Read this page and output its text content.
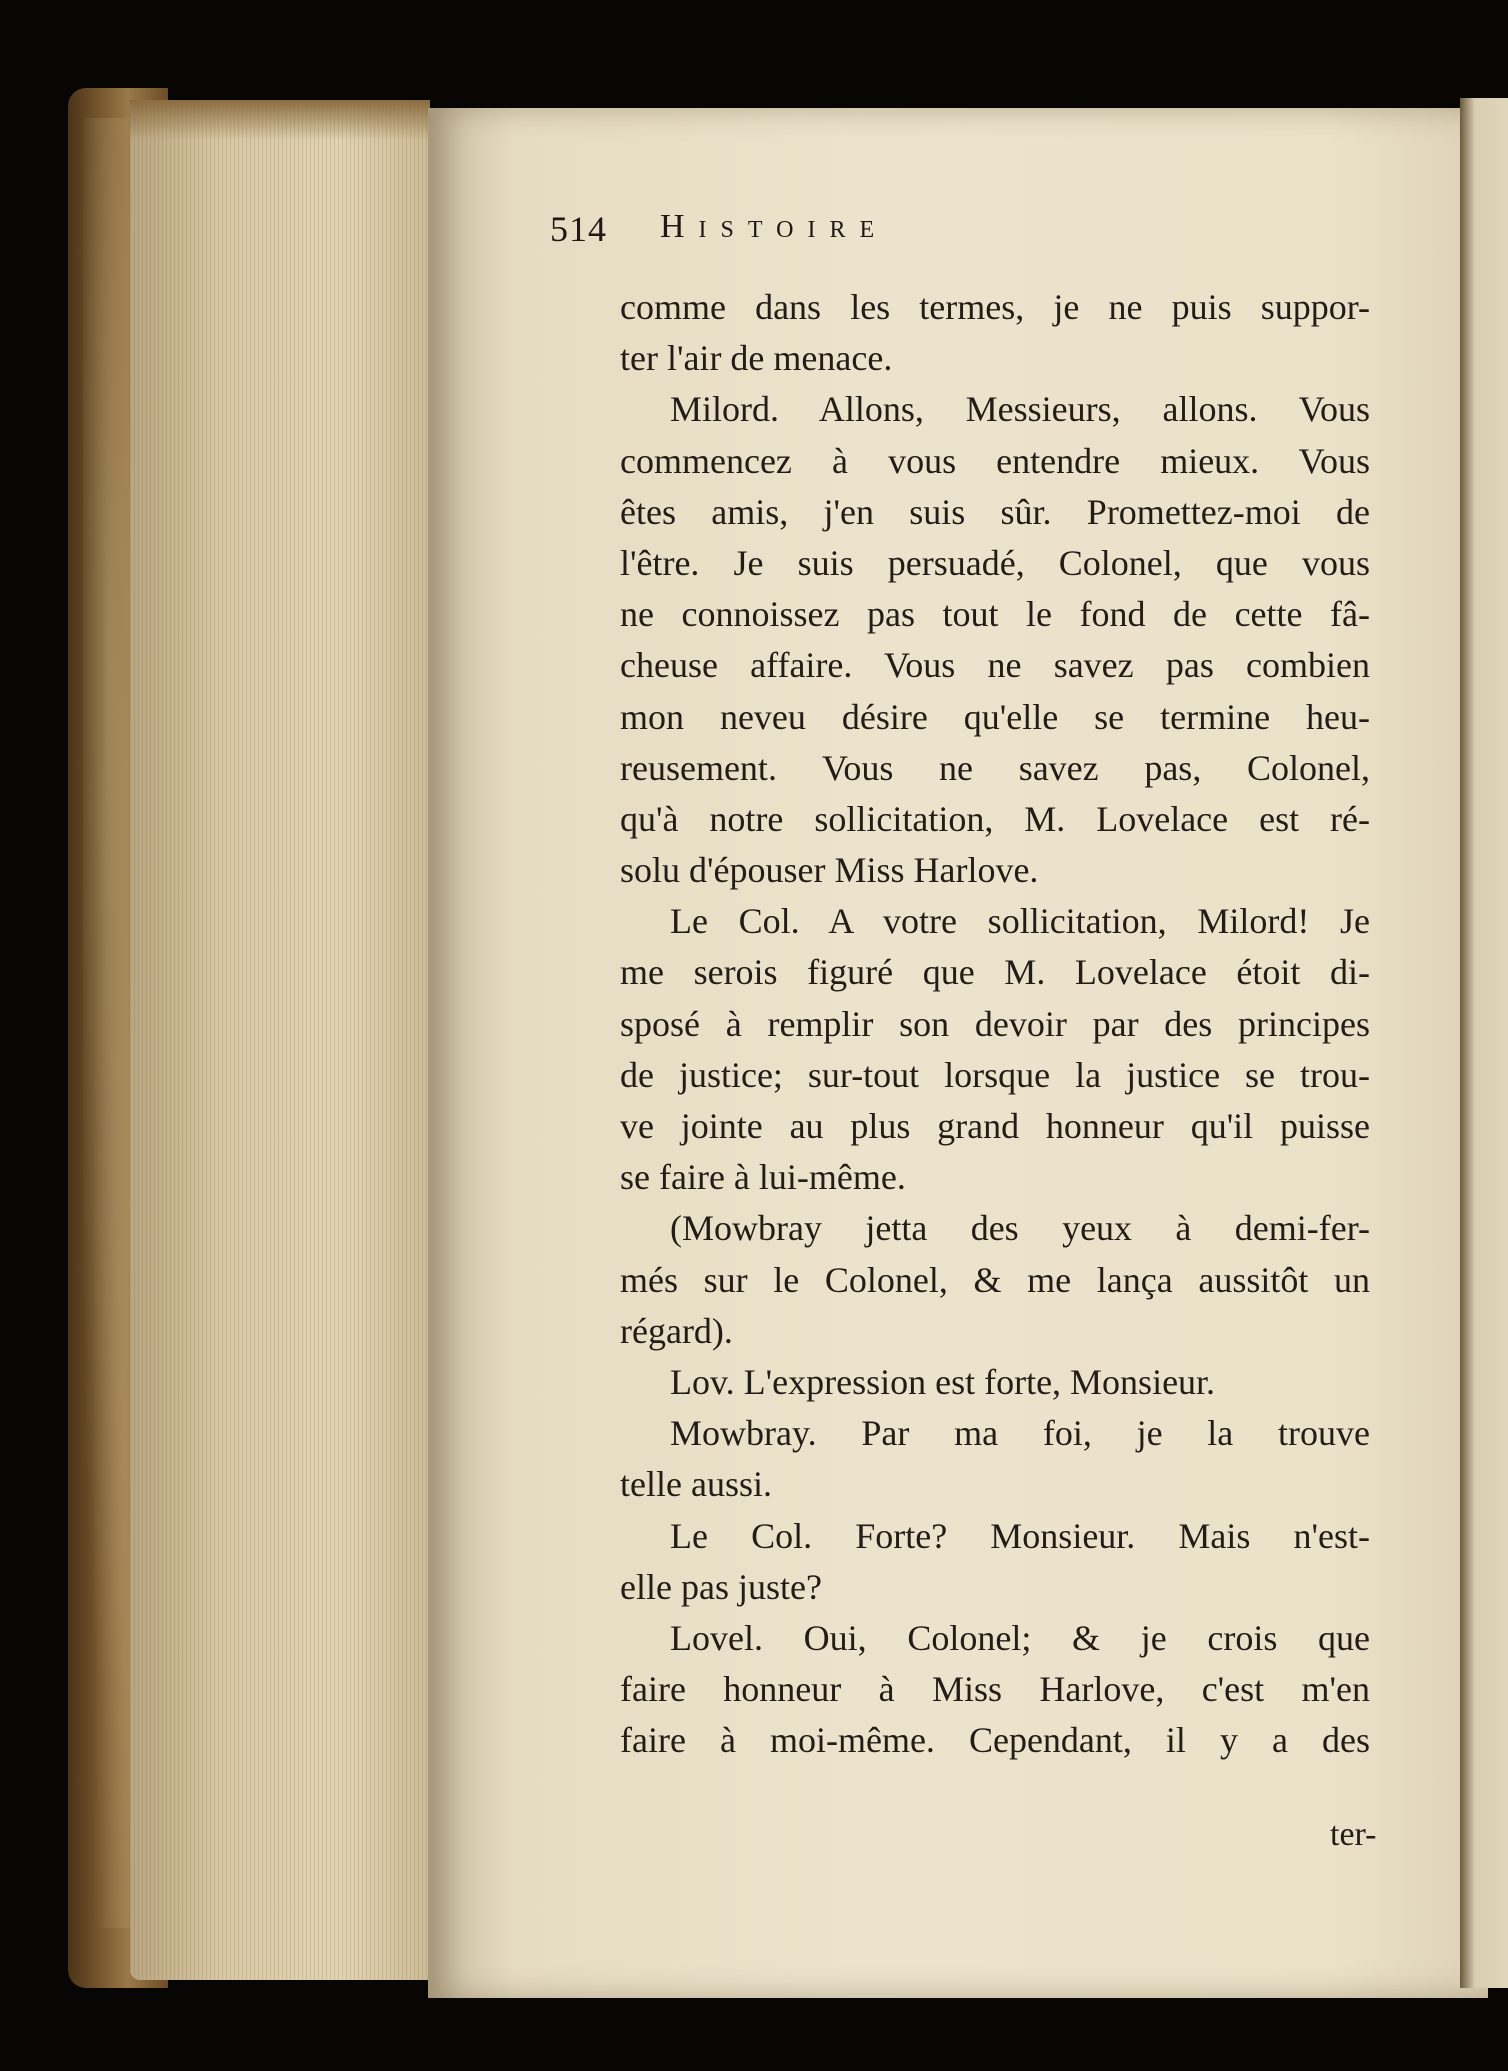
514 Histoire
comme dans les termes, je ne puis suppor-
ter l'air de menace.
Milord. Allons, Messieurs, allons. Vous
commencez à vous entendre mieux. Vous
êtes amis, j'en suis sûr. Promettez-moi de
l'être. Je suis persuadé, Colonel, que vous
ne connoissez pas tout le fond de cette fâ-
cheuse affaire. Vous ne savez pas combien
mon neveu désire qu'elle se termine heu-
reusement. Vous ne savez pas, Colonel,
qu'à notre sollicitation, M. Lovelace est ré-
solu d'épouser Miss Harlove.
Le Col. A votre sollicitation, Milord! Je
me serois figuré que M. Lovelace étoit di-
sposé à remplir son devoir par des principes
de justice; sur-tout lorsque la justice se trou-
ve jointe au plus grand honneur qu'il puisse
se faire à lui-même.
(Mowbray jetta des yeux à demi-fer-
més sur le Colonel, & me lança aussitôt un
régard).
Lov. L'expression est forte, Monsieur.
Mowbray. Par ma foi, je la trouve
telle aussi.
Le Col. Forte? Monsieur. Mais n'est-
elle pas juste?
Lovel. Oui, Colonel; & je crois que
faire honneur à Miss Harlove, c'est m'en
faire à moi-même. Cependant, il y a des
ter-
